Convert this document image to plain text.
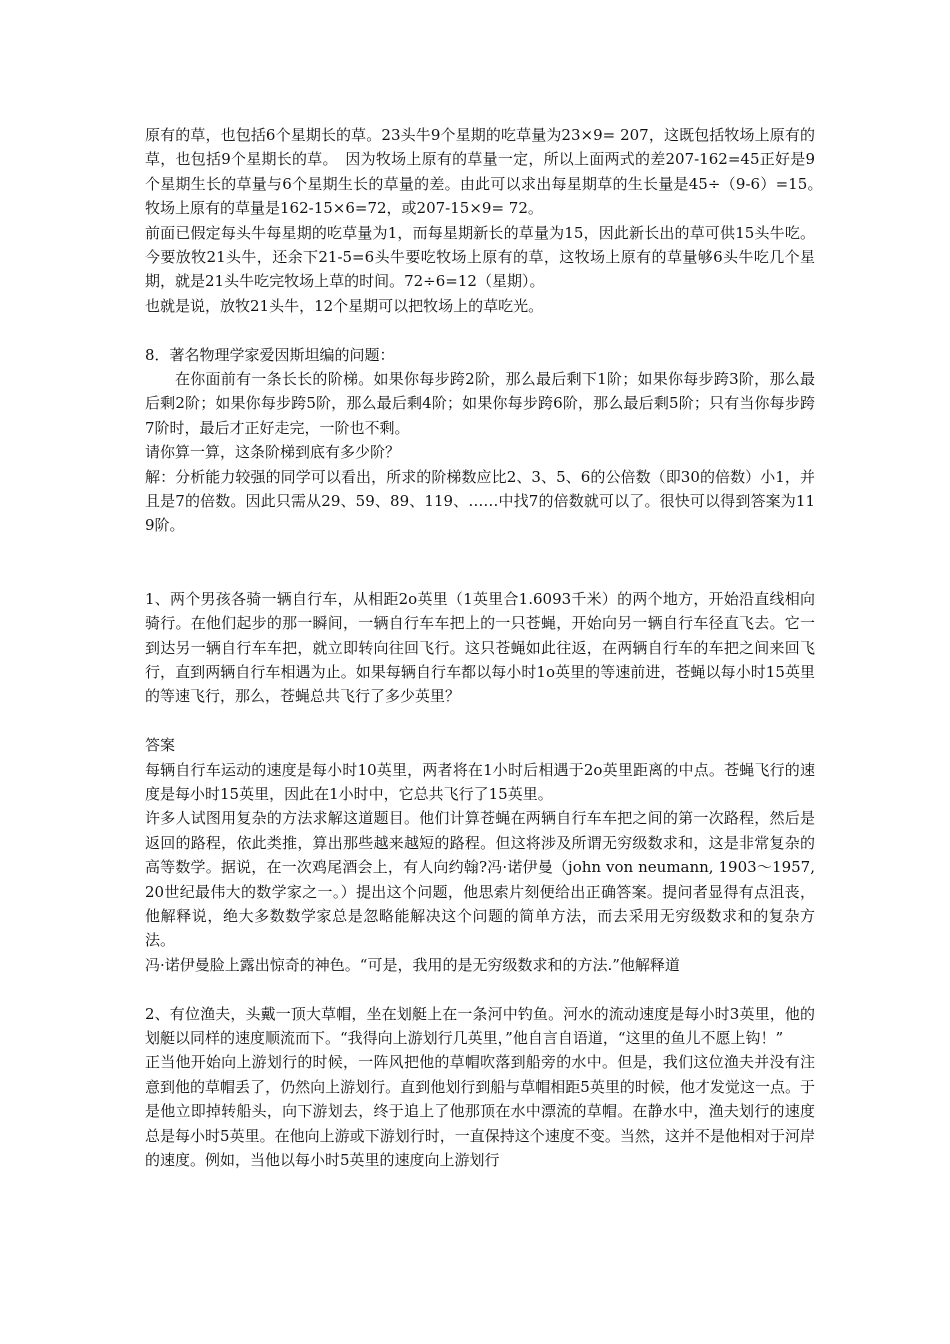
原有的草，也包括6个星期长的草。23头牛9个星期的吃草量为23×9= 207，这既包括牧场上原有的草，也包括9个星期长的草。　因为牧场上原有的草量一定，所以上面两式的差207-162=45正好是9个星期生长的草量与6个星期生长的草量的差。由此可以求出每星期草的生长量是45÷（9-6）=15。　牧场上原有的草量是162-15×6=72，或207-15×9= 72。

前面已假定每头牛每星期的吃草量为1，而每星期新长的草量为15，因此新长出的草可供15头牛吃。今要放牧21头牛，还余下21-5=6头牛要吃牧场上原有的草，这牧场上原有的草量够6头牛吃几个星期，就是21头牛吃完牧场上草的时间。72÷6=12（星期）。

也就是说，放牧21头牛，12个星期可以把牧场上的草吃光。

8．著名物理学家爱因斯坦编的问题：

在你面前有一条长长的阶梯。如果你每步跨2阶，那么最后剩下1阶；如果你每步跨3阶，那么最后剩2阶；如果你每步跨5阶，那么最后剩4阶；如果你每步跨6阶，那么最后剩5阶；只有当你每步跨7阶时，最后才正好走完，一阶也不剩。

请你算一算，这条阶梯到底有多少阶？

解：分析能力较强的同学可以看出，所求的阶梯数应比2、3、5、6的公倍数（即30的倍数）小1，并且是7的倍数。因此只需从29、59、89、119、……中找7的倍数就可以了。很快可以得到答案为119阶。

1、两个男孩各骑一辆自行车，从相距2o英里（1英里合1.6093千米）的两个地方，开始沿直线相向骑行。在他们起步的那一瞬间，一辆自行车车把上的一只苍蝇，开始向另一辆自行车径直飞去。它一到达另一辆自行车车把，就立即转向往回飞行。这只苍蝇如此往返，在两辆自行车的车把之间来回飞行，直到两辆自行车相遇为止。如果每辆自行车都以每小时1o英里的等速前进，苍蝇以每小时15英里的等速飞行，那么，苍蝇总共飞行了多少英里？

答案

每辆自行车运动的速度是每小时10英里，两者将在1小时后相遇于2o英里距离的中点。苍蝇飞行的速度是每小时15英里，因此在1小时中，它总共飞行了15英里。

许多人试图用复杂的方法求解这道题目。他们计算苍蝇在两辆自行车车把之间的第一次路程，然后是返回的路程，依此类推，算出那些越来越短的路程。但这将涉及所谓无穷级数求和，这是非常复杂的高等数学。据说，在一次鸡尾酒会上，有人向约翰?冯·诺伊曼（john von neumann, 1903～1957,20世纪最伟大的数学家之一。）提出这个问题，他思索片刻便给出正确答案。提问者显得有点沮丧，他解释说，绝大多数数学家总是忽略能解决这个问题的简单方法，而去采用无穷级数求和的复杂方法。

冯·诺伊曼脸上露出惊奇的神色。“可是，我用的是无穷级数求和的方法.”他解释道

2、有位渔夫，头戴一顶大草帽，坐在划艇上在一条河中钓鱼。河水的流动速度是每小时3英里，他的划艇以同样的速度顺流而下。“我得向上游划行几英里，”他自言自语道，“这里的鱼儿不愿上钩！”

正当他开始向上游划行的时候，一阵风把他的草帽吹落到船旁的水中。但是，我们这位渔夫并没有注意到他的草帽丢了，仍然向上游划行。直到他划行到船与草帽相距5英里的时候，他才发觉这一点。于是他立即掉转船头，向下游划去，终于追上了他那顶在水中漂流的草帽。在静水中，渔夫划行的速度总是每小时5英里。在他向上游或下游划行时，一直保持这个速度不变。当然，这并不是他相对于河岸的速度。例如，当他以每小时5英里的速度向上游划行
